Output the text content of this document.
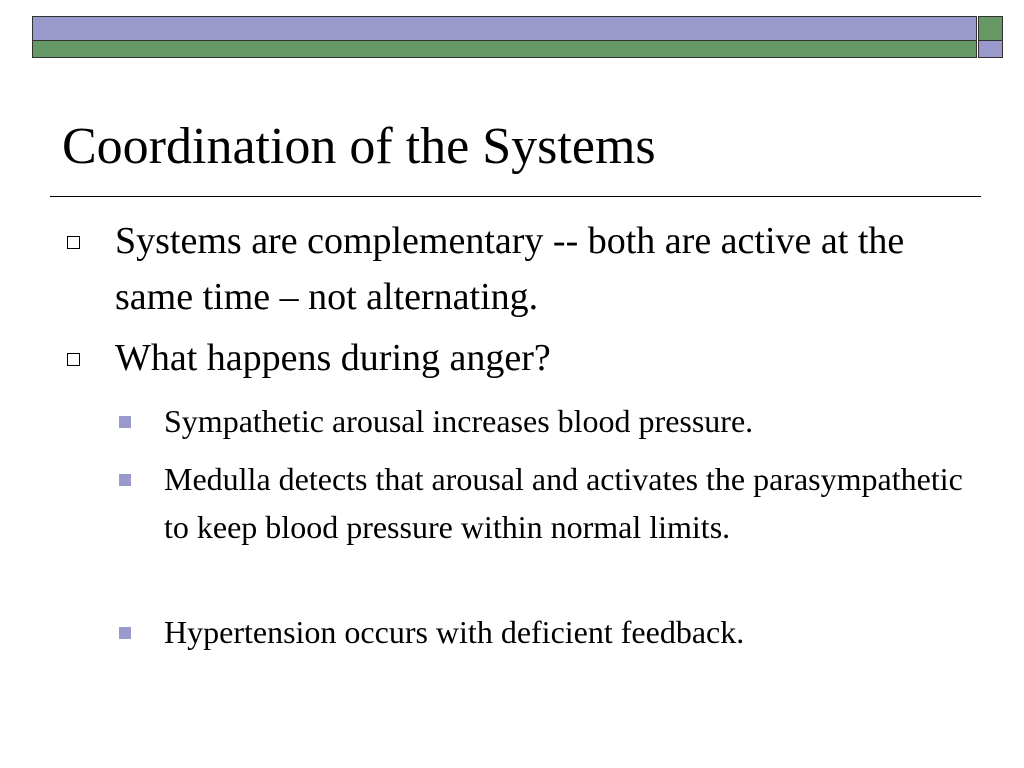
Coordination of the Systems
Systems are complementary -- both are active at the same time – not alternating.
What happens during anger?
Sympathetic arousal increases blood pressure.
Medulla detects that arousal and activates the parasympathetic to keep blood pressure within normal limits.
Hypertension occurs with deficient feedback.
